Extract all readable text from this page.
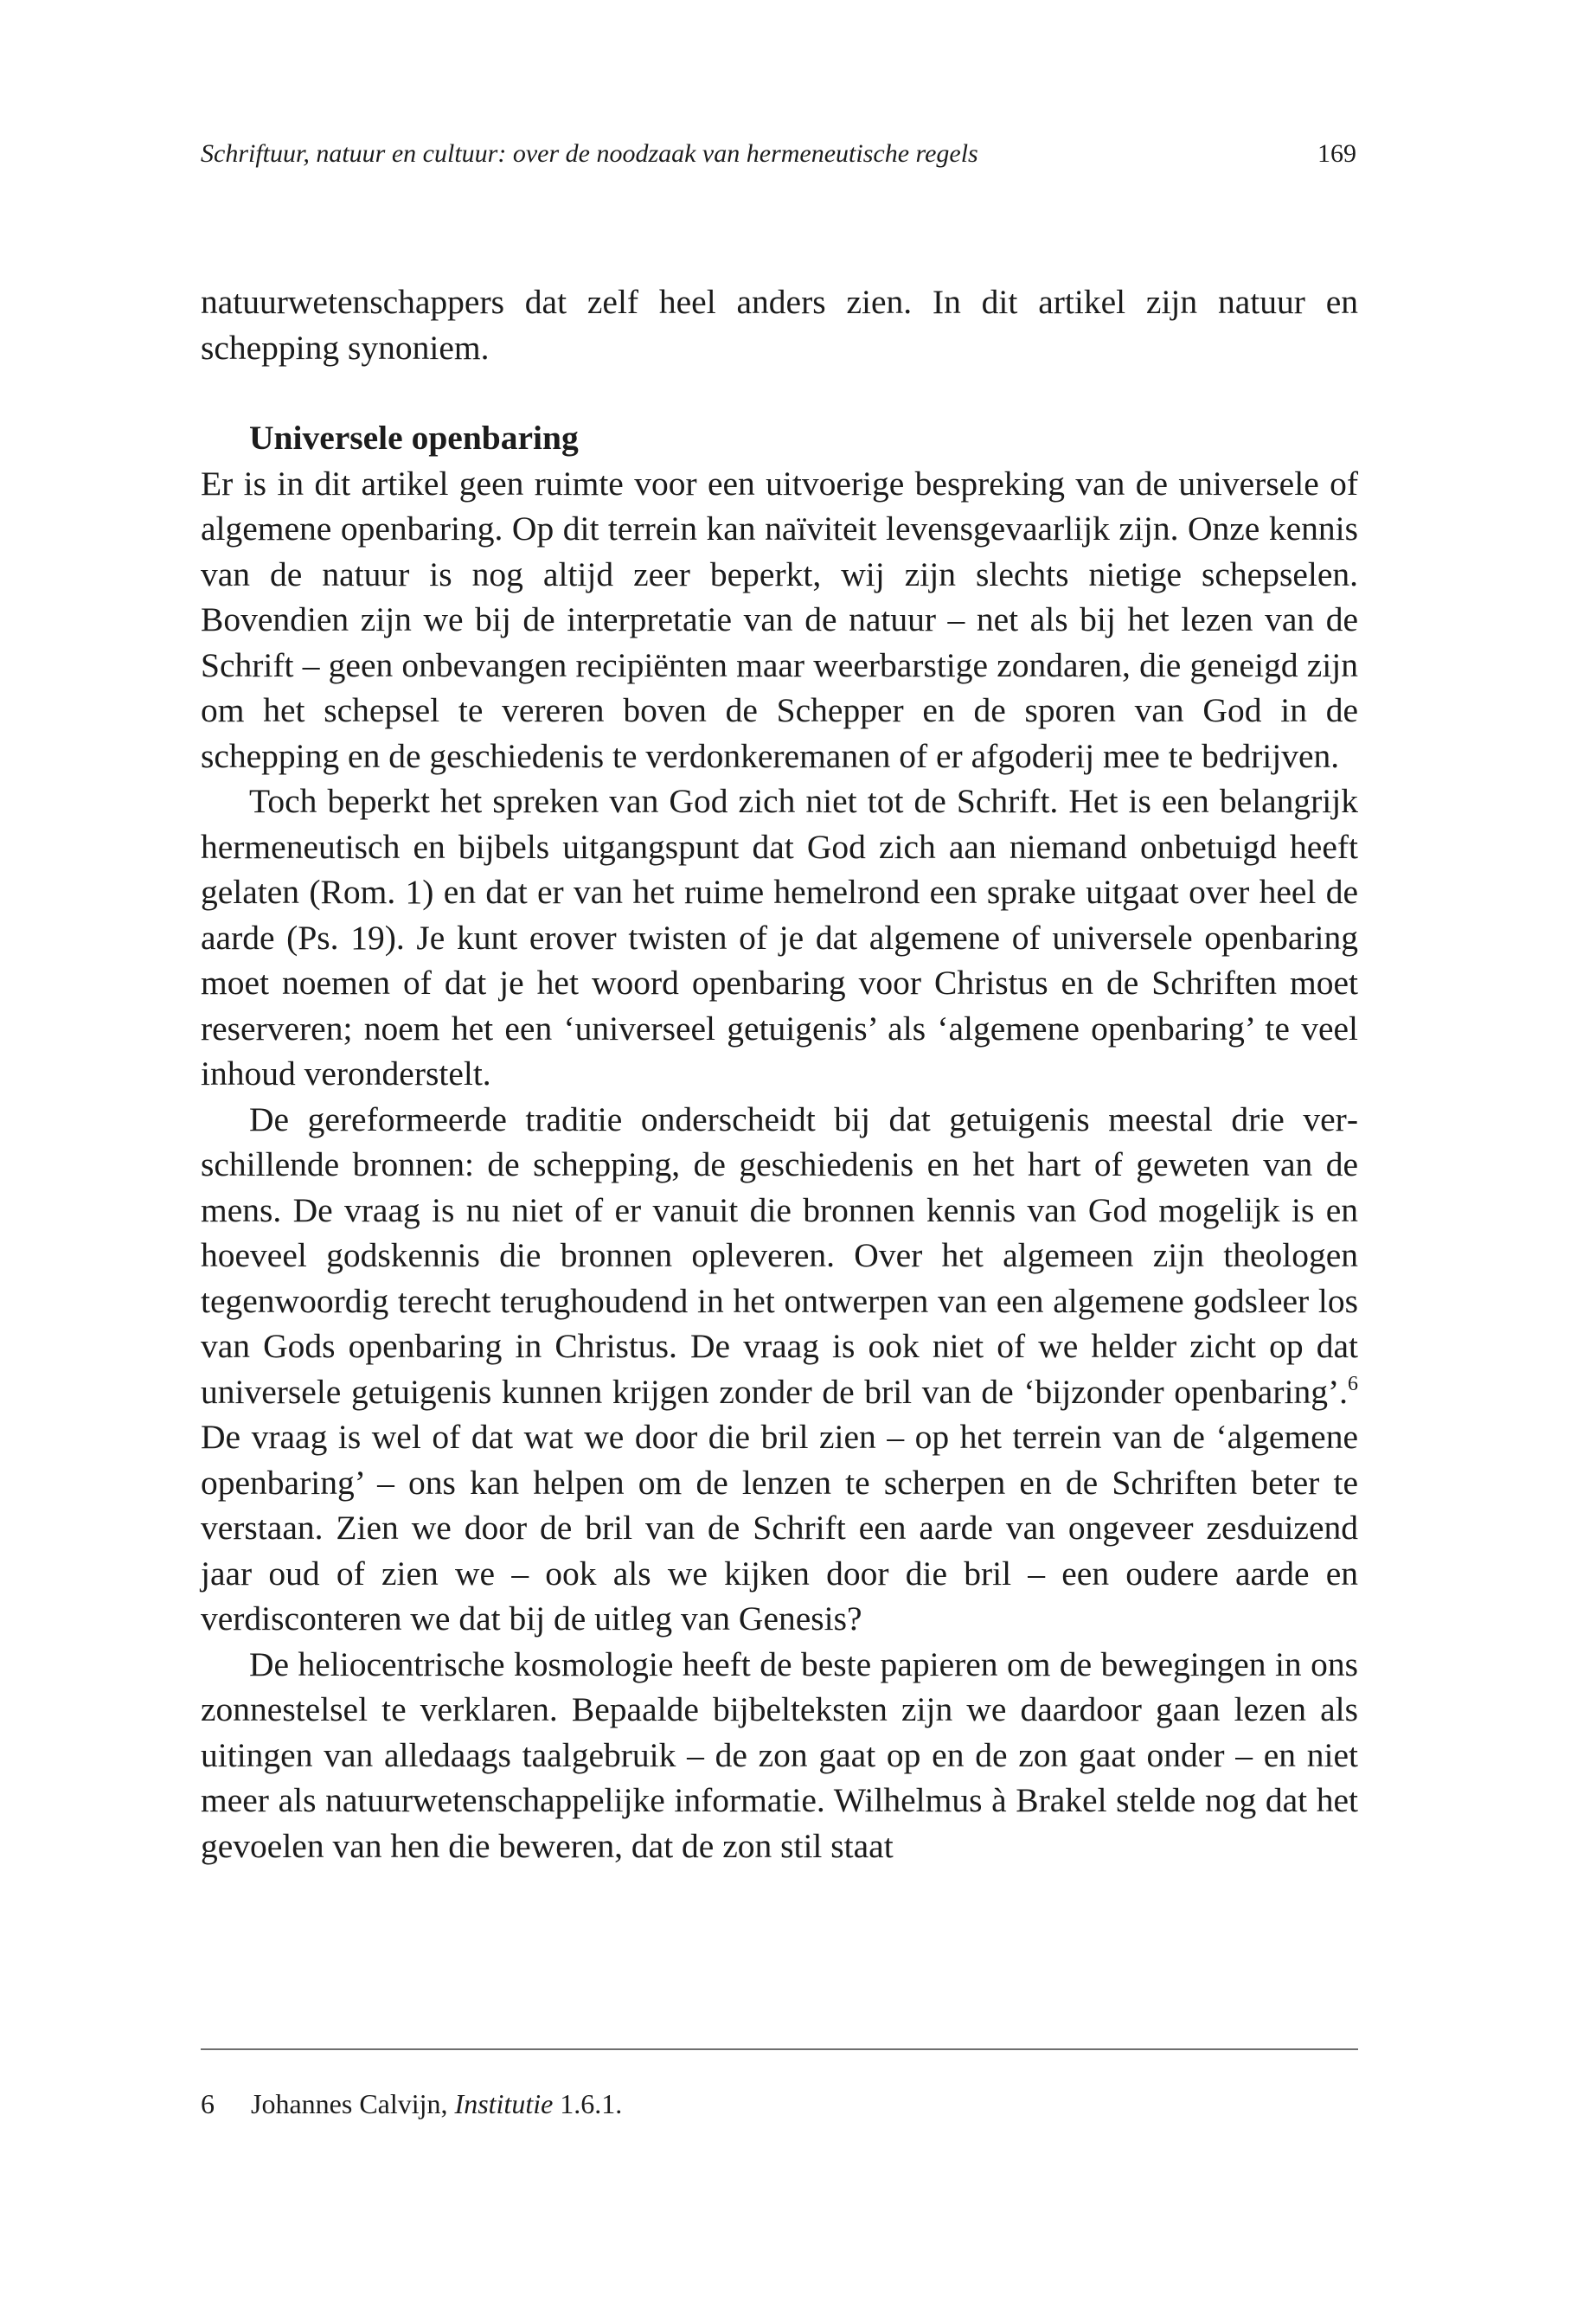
Schriftuur, natuur en cultuur: over de noodzaak van hermeneutische regels	169

natuurwetenschappers dat zelf heel anders zien. In dit artikel zijn natuur en schepping synoniem.

Universele openbaring

Er is in dit artikel geen ruimte voor een uitvoerige bespreking van de universele of algemene openbaring. Op dit terrein kan naïviteit levensgevaarlijk zijn. Onze kennis van de natuur is nog altijd zeer beperkt, wij zijn slechts nietige schepselen. Bovendien zijn we bij de interpretatie van de natuur – net als bij het lezen van de Schrift – geen onbevangen recipiënten maar weerbarstige zondaren, die geneigd zijn om het schepsel te vereren boven de Schepper en de sporen van God in de schepping en de geschiedenis te verdonkeremanen of er afgoderij mee te bedrijven.

Toch beperkt het spreken van God zich niet tot de Schrift. Het is een belangrijk hermeneutisch en bijbels uitgangspunt dat God zich aan niemand onbetuigd heeft gelaten (Rom. 1) en dat er van het ruime hemelrond een sprake uitgaat over heel de aarde (Ps. 19). Je kunt erover twisten of je dat algemene of universele openbaring moet noemen of dat je het woord openbaring voor Christus en de Schriften moet reserveren; noem het een ‘universeel getuigenis’ als ‘algemene openbaring’ te veel inhoud veronderstelt.

De gereformeerde traditie onderscheidt bij dat getuigenis meestal drie verschillende bronnen: de schepping, de geschiedenis en het hart of geweten van de mens. De vraag is nu niet of er vanuit die bronnen kennis van God mogelijk is en hoeveel godskennis die bronnen opleveren. Over het algemeen zijn theologen tegenwoordig terecht terughoudend in het ontwerpen van een algemene godsleer los van Gods openbaring in Christus. De vraag is ook niet of we helder zicht op dat universele getuigenis kunnen krijgen zonder de bril van de ‘bijzonder openbaring’.$^6$ De vraag is wel of dat wat we door die bril zien – op het terrein van de ‘algemene openbaring’ – ons kan helpen om de lenzen te scherpen en de Schriften beter te verstaan. Zien we door de bril van de Schrift een aarde van ongeveer zesduizend jaar oud of zien we – ook als we kijken door die bril – een oudere aarde en verdisconteren we dat bij de uitleg van Genesis?

De heliocentrische kosmologie heeft de beste papieren om de bewegingen in ons zonnestelsel te verklaren. Bepaalde bijbelteksten zijn we daardoor gaan lezen als uitingen van alledaags taalgebruik – de zon gaat op en de zon gaat onder – en niet meer als natuurwetenschappelijke informatie. Wilhelmus à Brakel stelde nog dat het gevoelen van hen die beweren, dat de zon stil staat

6 Johannes Calvijn, Institutie 1.6.1.
